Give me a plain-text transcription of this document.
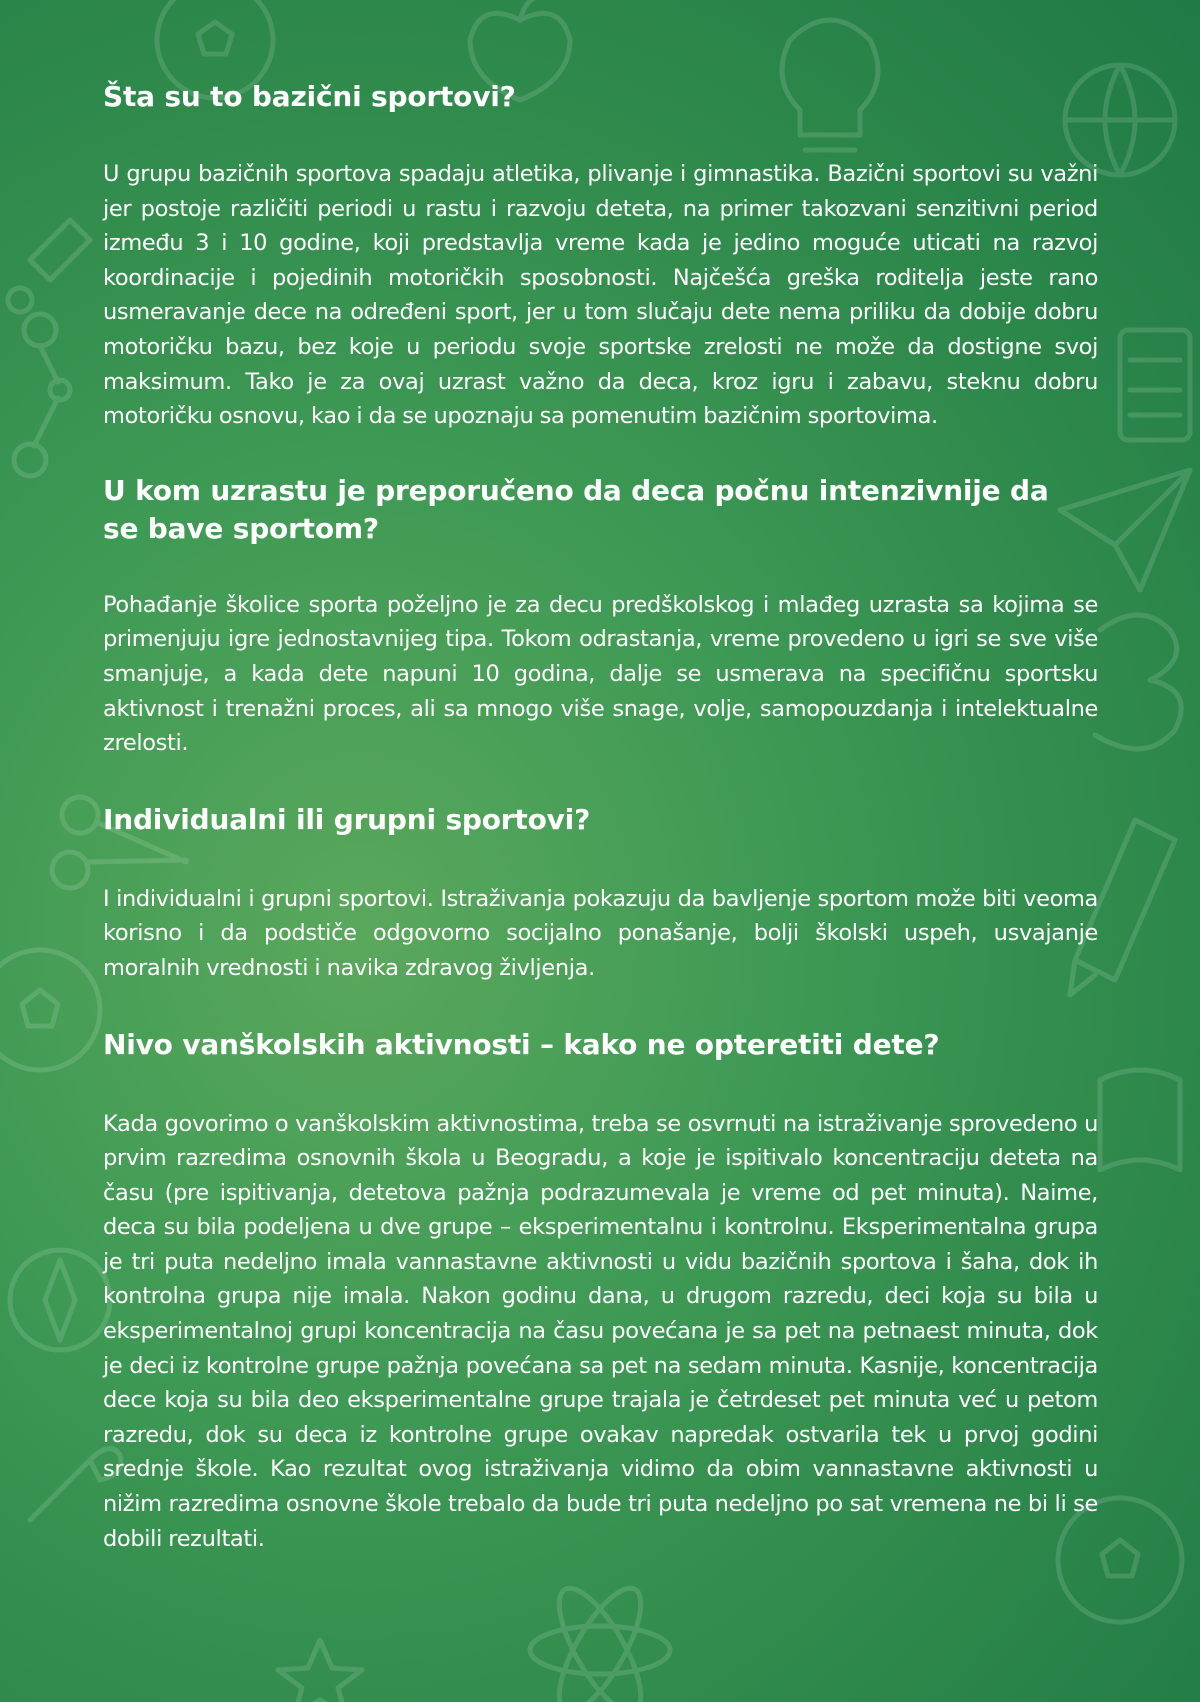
Šta su to bazični sportovi?

U grupu bazičnih sportova spadaju atletika, plivanje i gimnastika. Bazični sportovi su važni jer postoje različiti periodi u rastu i razvoju deteta, na primer takozvani senzitivni period između 3 i 10 godine, koji predstavlja vreme kada je jedino moguće uticati na razvoj koordinacije i pojedinih motoričkih sposobnosti. Najčešća greška roditelja jeste rano usmeravanje dece na određeni sport, jer u tom slučaju dete nema priliku da dobije dobru motoričku bazu, bez koje u periodu svoje sportske zrelosti ne može da dostigne svoj maksimum. Tako je za ovaj uzrast važno da deca, kroz igru i zabavu, steknu dobru motoričku osnovu, kao i da se upoznaju sa pomenutim bazičnim sportovima.

U kom uzrastu je preporučeno da deca počnu intenzivnije da se bave sportom?

Pohađanje školice sporta poželjno je za decu predškolskog i mlađeg uzrasta sa kojima se primenjuju igre jednostavnijeg tipa. Tokom odrastanja, vreme provedeno u igri se sve više smanjuje, a kada dete napuni 10 godina, dalje se usmerava na specifičnu sportsku aktivnost i trenažni proces, ali sa mnogo više snage, volje, samopouzdanja i intelektualne zrelosti.

Individualni ili grupni sportovi?

I individualni i grupni sportovi. Istraživanja pokazuju da bavljenje sportom može biti veoma korisno i da podstiče odgovorno socijalno ponašanje, bolji školski uspeh, usvajanje moralnih vrednosti i navika zdravog življenja.

Nivo vanškolskih aktivnosti – kako ne opteretiti dete?

Kada govorimo o vanškolskim aktivnostima, treba se osvrnuti na istraživanje sprovedeno u prvim razredima osnovnih škola u Beogradu, a koje je ispitivalo koncentraciju deteta na času (pre ispitivanja, detetova pažnja podrazumevala je vreme od pet minuta). Naime, deca su bila podeljena u dve grupe – eksperimentalnu i kontrolnu. Eksperimentalna grupa je tri puta nedeljno imala vannastavne aktivnosti u vidu bazičnih sportova i šaha, dok ih kontrolna grupa nije imala. Nakon godinu dana, u drugom razredu, deci koja su bila u eksperimentalnoj grupi koncentracija na času povećana je sa pet na petnaest minuta, dok je deci iz kontrolne grupe pažnja povećana sa pet na sedam minuta. Kasnije, koncentracija dece koja su bila deo eksperimentalne grupe trajala je četrdeset pet minuta već u petom razredu, dok su deca iz kontrolne grupe ovakav napredak ostvarila tek u prvoj godini srednje škole. Kao rezultat ovog istraživanja vidimo da obim vannastavne aktivnosti u nižim razredima osnovne škole trebalo da bude tri puta nedeljno po sat vremena ne bi li se dobili rezultati.
